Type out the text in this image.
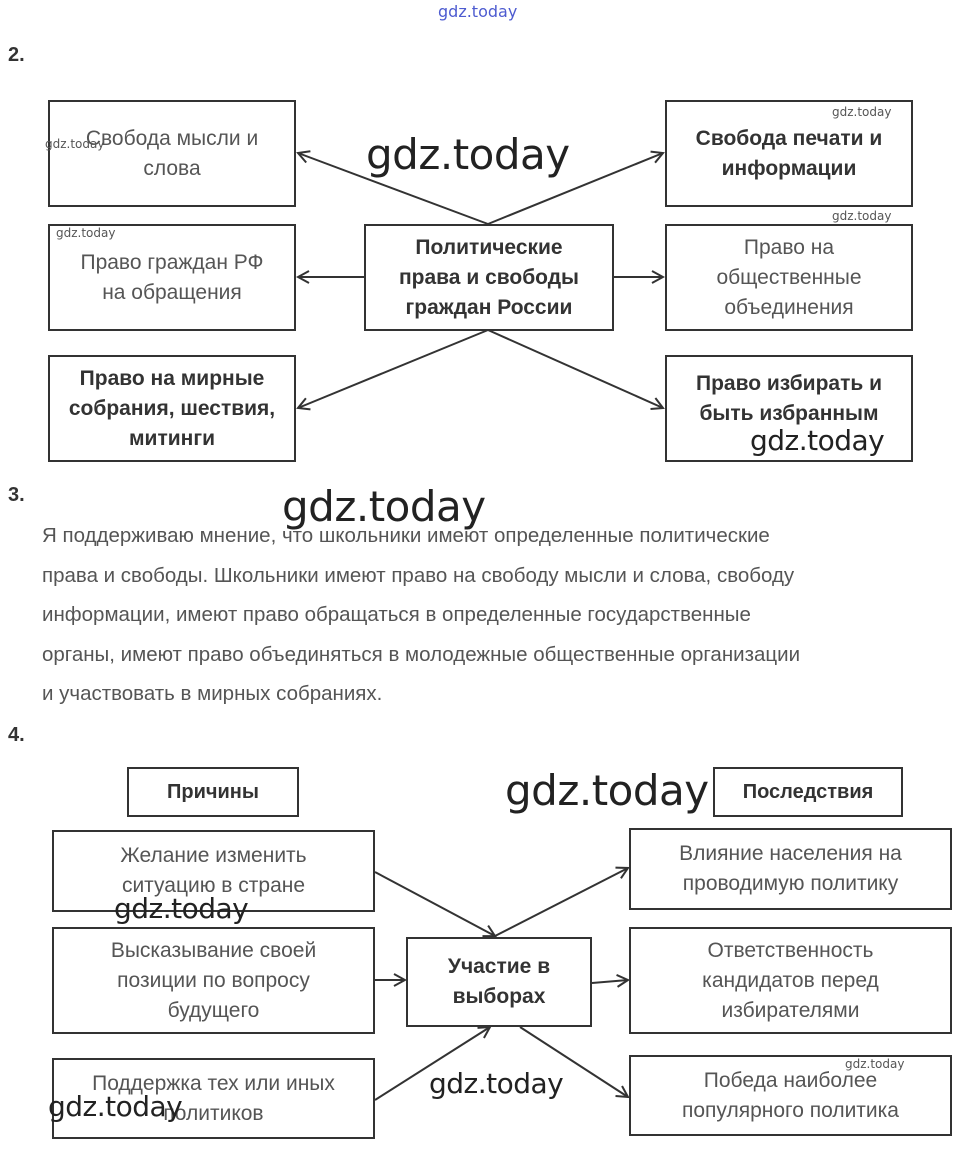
gdz.today
2.
Свобода мысли и слова
Право граждан РФ на обращения
Право на мирные собрания, шествия, митинги
Политические права и свободы граждан России
Свобода печати и информации
Право на общественные объединения
Право избирать и быть избранным
3.
Я поддерживаю мнение, что школьники имеют определенные политические
права и свободы. Школьники имеют право на свободу мысли и слова, свободу
информации, имеют право обращаться в определенные государственные
органы, имеют право объединяться в молодежные общественные организации
и участвовать в мирных собраниях.
4.
Причины	Последствия
Желание изменить ситуацию в стране
Высказывание своей позиции по вопросу будущего
Поддержка тех или иных политиков
Участие в выборах
Влияние населения на проводимую политику
Ответственность кандидатов перед избирателями
Победа наиболее популярного политика
gdz.today
gdz.today
gdz.today
gdz.today
gdz.today
gdz.today
gdz.today
gdz.today
gdz.today
gdz.today
gdz.today
gdz.today
